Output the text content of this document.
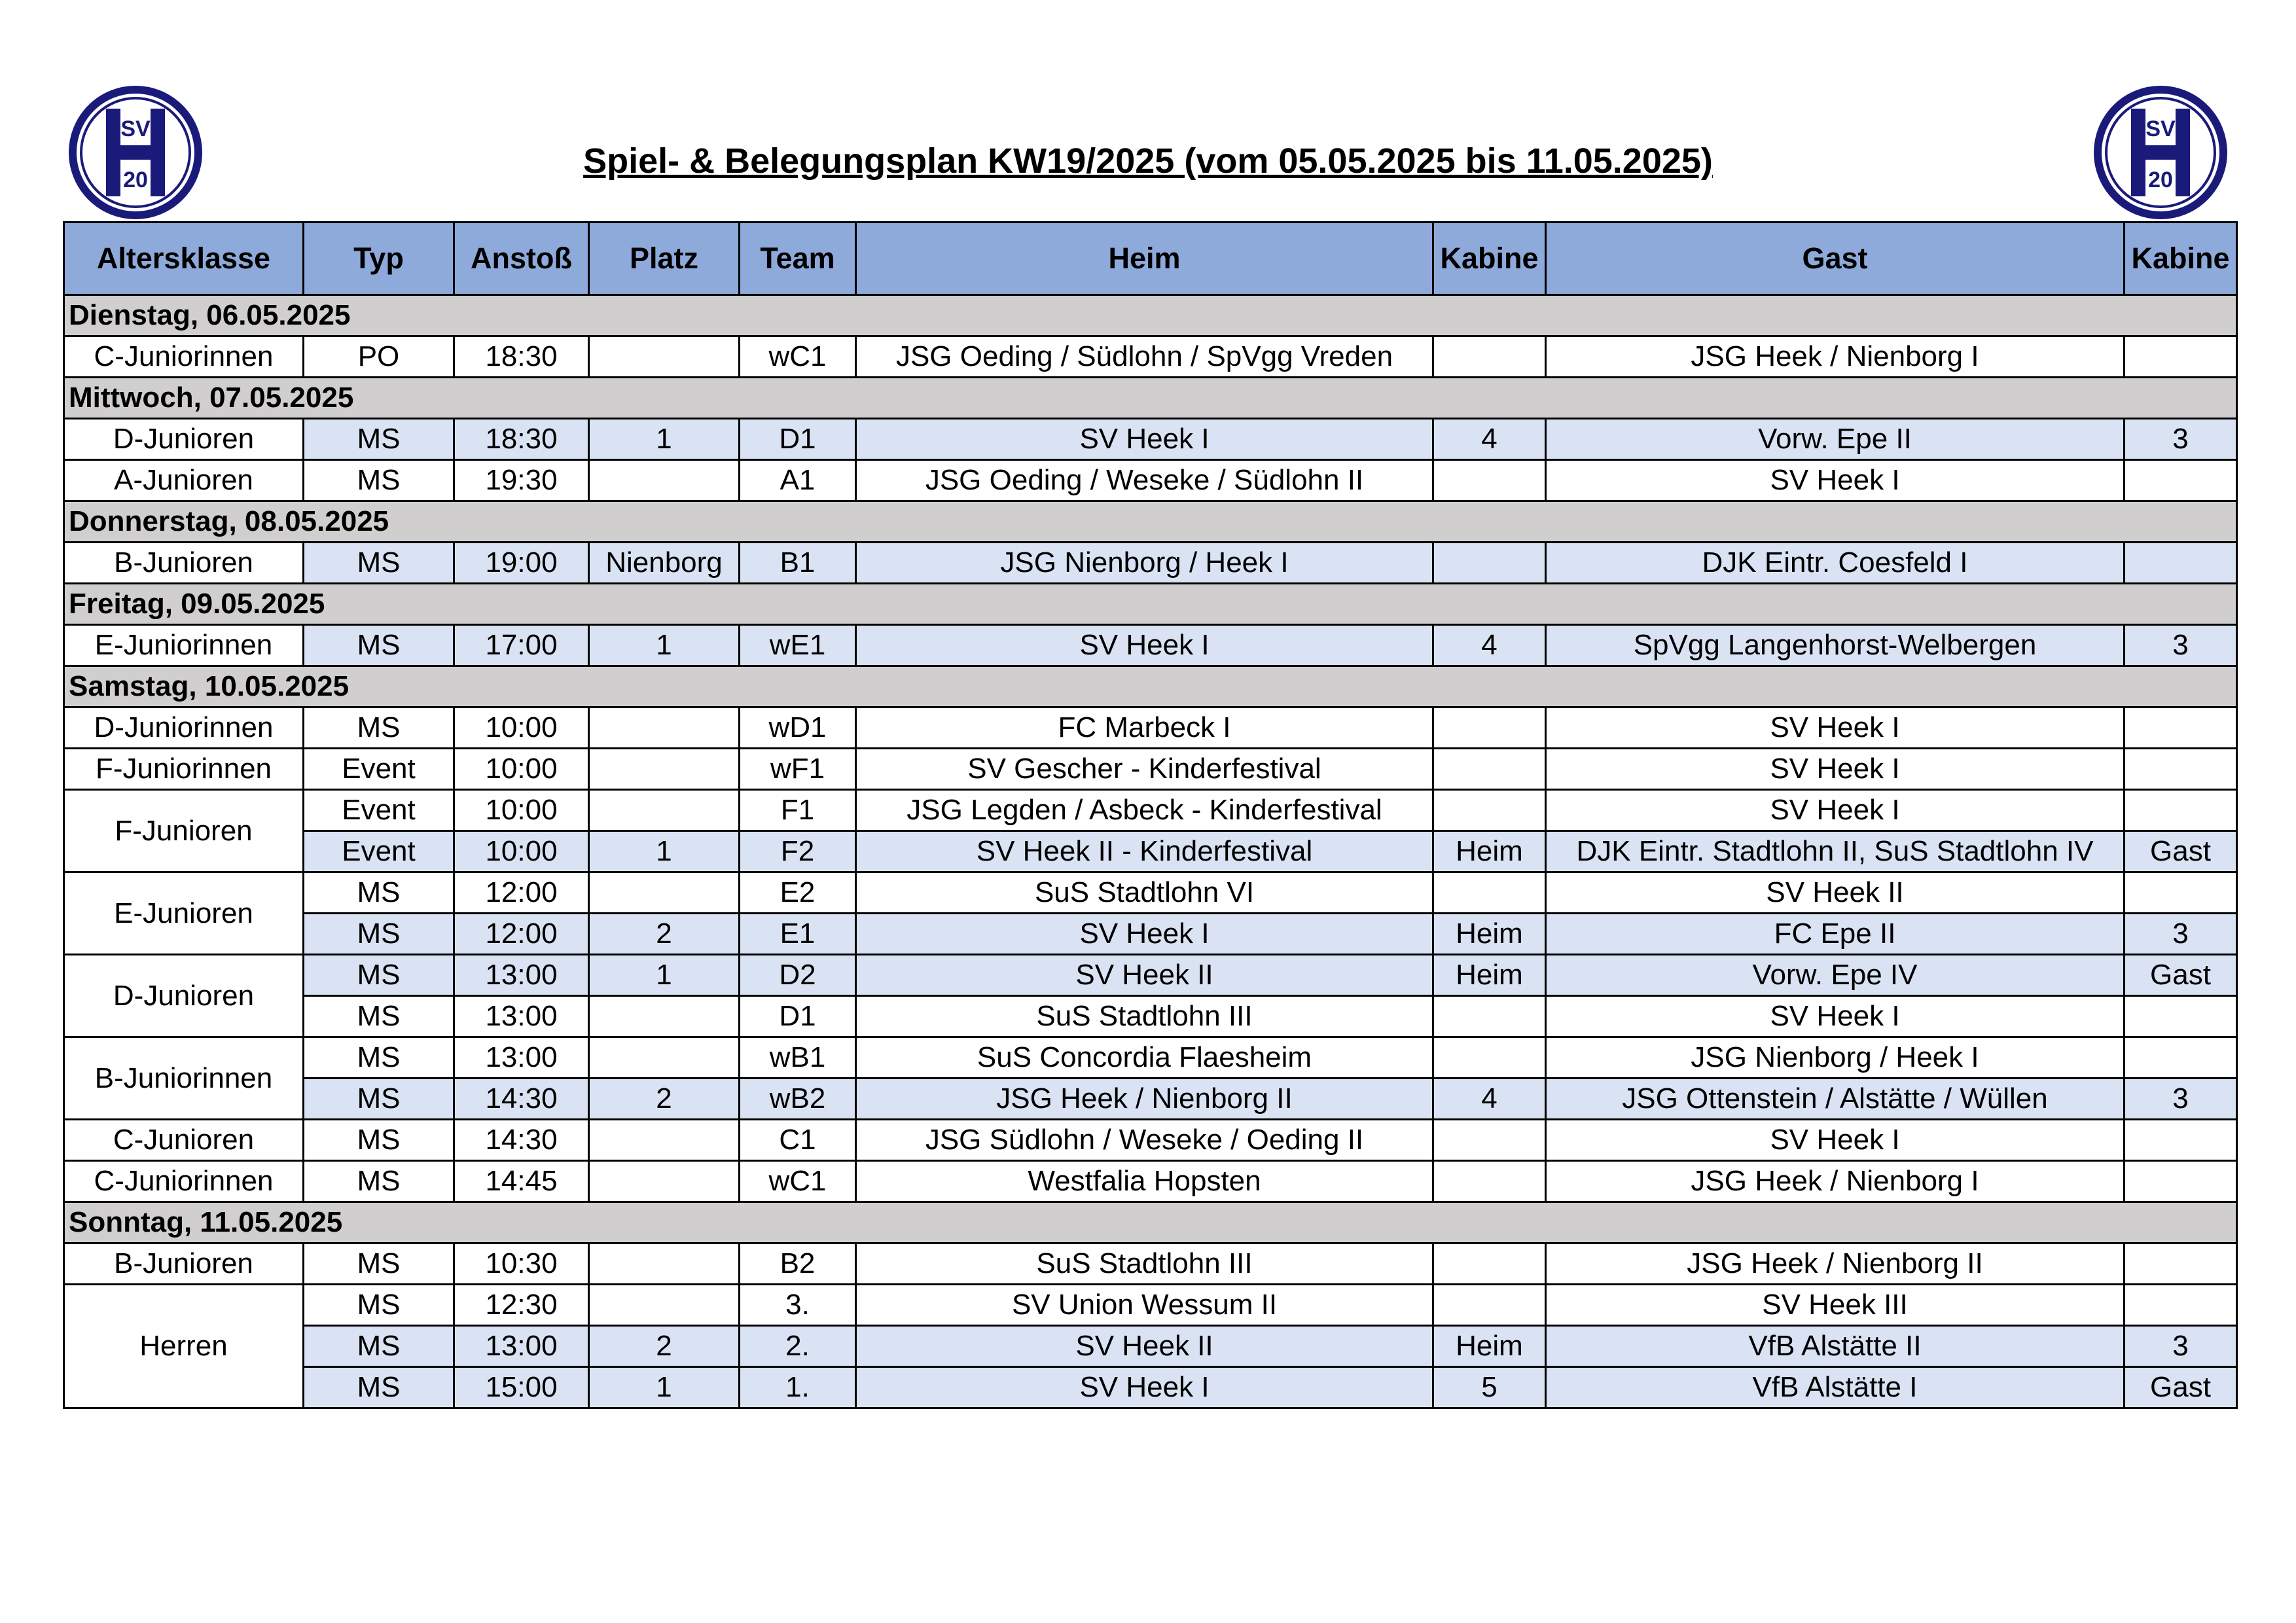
SV
20
SV
20
Spiel- & Belegungsplan KW19/2025 (vom 05.05.2025 bis 11.05.2025)
Altersklasse	Typ	Anstoß	Platz	Team	Heim	Kabine	Gast	Kabine
Dienstag, 06.05.2025								
C-Juniorinnen	PO	18:30		wC1	JSG Oeding / Südlohn / SpVgg Vreden		JSG Heek / Nienborg I	
Mittwoch, 07.05.2025								
D-Junioren	MS	18:30	1	D1	SV Heek I	4	Vorw. Epe II	3
A-Junioren	MS	19:30		A1	JSG Oeding / Weseke / Südlohn II		SV Heek I	
Donnerstag, 08.05.2025								
B-Junioren	MS	19:00	Nienborg	B1	JSG Nienborg / Heek I		DJK Eintr. Coesfeld I	
Freitag, 09.05.2025								
E-Juniorinnen	MS	17:00	1	wE1	SV Heek I	4	SpVgg Langenhorst-Welbergen	3
Samstag, 10.05.2025								
D-Juniorinnen	MS	10:00		wD1	FC Marbeck I		SV Heek I	
F-Juniorinnen	Event	10:00		wF1	SV Gescher - Kinderfestival		SV Heek I	
F-Junioren	Event	10:00		F1	JSG Legden / Asbeck - Kinderfestival		SV Heek I	
	Event	10:00	1	F2	SV Heek II - Kinderfestival	Heim	DJK Eintr. Stadtlohn II, SuS Stadtlohn IV	Gast
E-Junioren	MS	12:00		E2	SuS Stadtlohn VI		SV Heek II	
	MS	12:00	2	E1	SV Heek I	Heim	FC Epe II	3
D-Junioren	MS	13:00	1	D2	SV Heek II	Heim	Vorw. Epe IV	Gast
	MS	13:00		D1	SuS Stadtlohn III		SV Heek I	
B-Juniorinnen	MS	13:00		wB1	SuS Concordia Flaesheim		JSG Nienborg / Heek I	
	MS	14:30	2	wB2	JSG Heek / Nienborg II	4	JSG Ottenstein / Alstätte / Wüllen	3
C-Junioren	MS	14:30		C1	JSG Südlohn / Weseke / Oeding II		SV Heek I	
C-Juniorinnen	MS	14:45		wC1	Westfalia Hopsten		JSG Heek / Nienborg I	
Sonntag, 11.05.2025								
B-Junioren	MS	10:30		B2	SuS Stadtlohn III		JSG Heek / Nienborg II	
Herren	MS	12:30		3.	SV Union Wessum II		SV Heek III	
	MS	13:00	2	2.	SV Heek II	Heim	VfB Alstätte II	3
	MS	15:00	1	1.	SV Heek I	5	VfB Alstätte I	Gast
